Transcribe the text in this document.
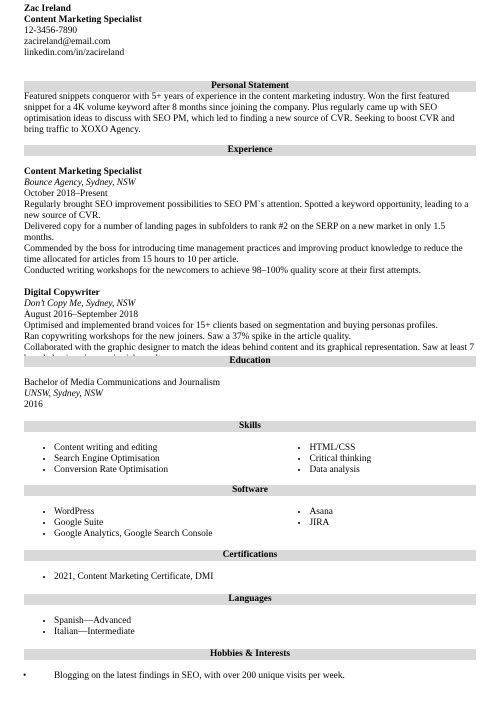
Zac Ireland
Content Marketing Specialist
12-3456-7890
zacireland@email.com
linkedin.com/in/zacireland
Personal Statement

Featured snippets conqueror with 5+ years of experience in the content marketing industry. Won the first featured snippet for a 4K volume keyword after 8 months since joining the company. Plus regularly came up with SEO optimisation ideas to discuss with SEO PM, which led to finding a new source of CVR. Seeking to boost CVR and bring traffic to XOXO Agency.

Experience
Content Marketing Specialist
Bounce Agency, Sydney, NSW
October 2018–Present

Regularly brought SEO improvement possibilities to SEO PM`s attention. Spotted a keyword opportunity, leading to a new source of CVR.

Delivered copy for a number of landing pages in subfolders to rank #2 on the SERP on a new market in only 1.5 months.

Commended by the boss for introducing time management practices and improving product knowledge to reduce the time allocated for articles from 15 hours to 10 per article.

Conducted writing workshops for the newcomers to achieve 98–100% quality score at their first attempts.

Digital Copywriter
Don’t Copy Me, Sydney, NSW
August 2016–September 2018

Optimised and implemented brand voices for 15+ clients based on segmentation and buying personas profiles.

Ran copywriting workshops for the new joiners. Saw a 37% spike in the article quality.

Collaborated with the graphic designer to match the ideas behind content and its graphical representation. Saw at least 7

Education
Bachelor of Media Communications and Journalism
UNSW, Sydney, NSW
2016
Skills
• Content writing and editing
• Search Engine Optimisation
• Conversion Rate Optimisation
• HTML/CSS
• Critical thinking
• Data analysis
Software
• WordPress
• Google Suite
• Google Analytics, Google Search Console
• Asana
• JIRA
Certifications
• 2021, Content Marketing Certificate, DMI
Languages
• Spanish—Advanced
• Italian—Intermediate
Hobbies & Interests
• Blogging on the latest findings in SEO, with over 200 unique visits per week.
